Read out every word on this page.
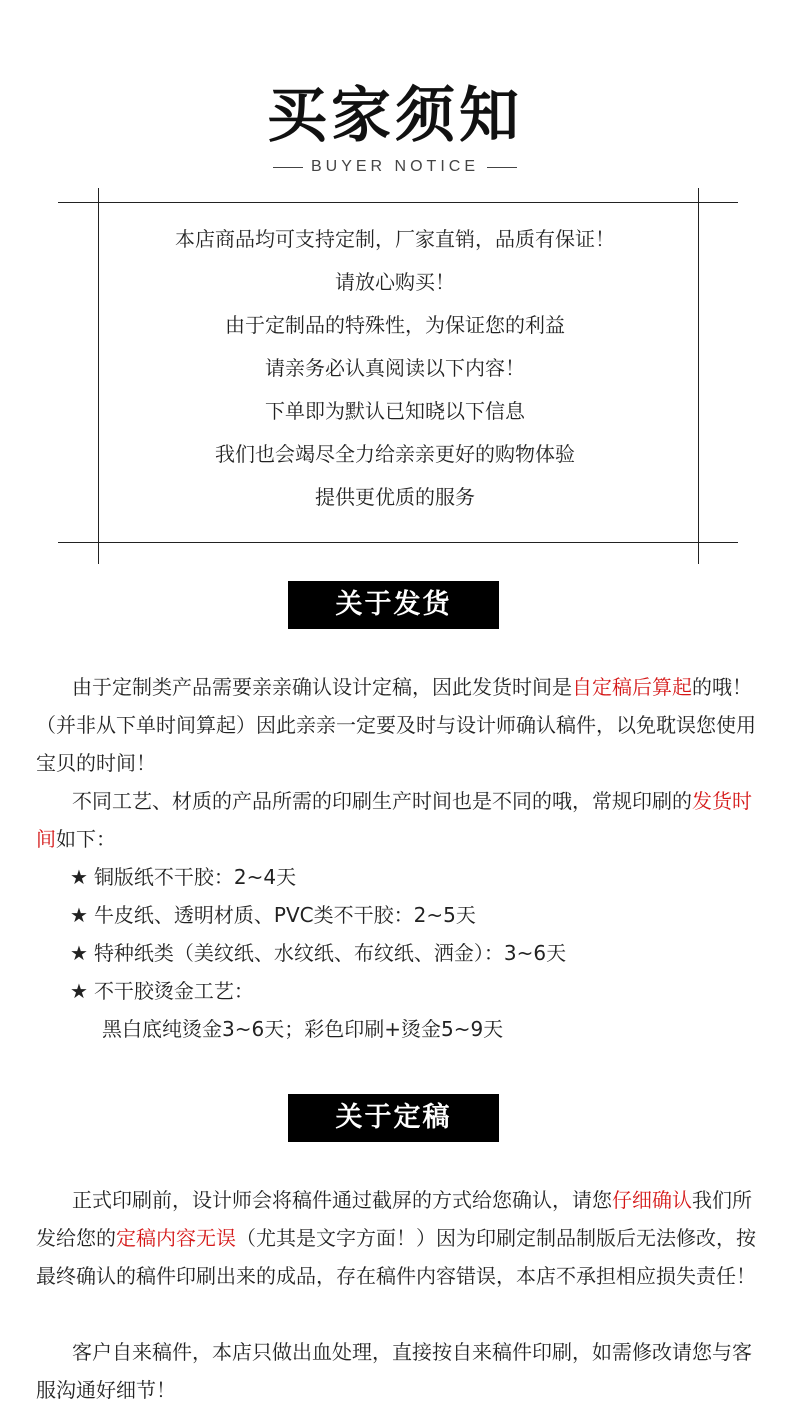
买家须知
BUYER NOTICE
本店商品均可支持定制，厂家直销，品质有保证！
请放心购买！
由于定制品的特殊性，为保证您的利益
请亲务必认真阅读以下内容！
下单即为默认已知晓以下信息
我们也会竭尽全力给亲亲更好的购物体验
提供更优质的服务
关于发货
由于定制类产品需要亲亲确认设计定稿，因此发货时间是自定稿后算起的哦！（并非从下单时间算起）因此亲亲一定要及时与设计师确认稿件，以免耽误您使用宝贝的时间！
不同工艺、材质的产品所需的印刷生产时间也是不同的哦，常规印刷的发货时间如下：
★ 铜版纸不干胶：2~4天
★ 牛皮纸、透明材质、PVC类不干胶：2~5天
★ 特种纸类（美纹纸、水纹纸、布纹纸、洒金）：3~6天
★ 不干胶烫金工艺：
黑白底纯烫金3~6天；彩色印刷+烫金5~9天
关于定稿
正式印刷前，设计师会将稿件通过截屏的方式给您确认，请您仔细确认我们所发给您的定稿内容无误（尤其是文字方面！）因为印刷定制品制版后无法修改，按最终确认的稿件印刷出来的成品，存在稿件内容错误，本店不承担相应损失责任！
客户自来稿件，本店只做出血处理，直接按自来稿件印刷，如需修改请您与客服沟通好细节！
